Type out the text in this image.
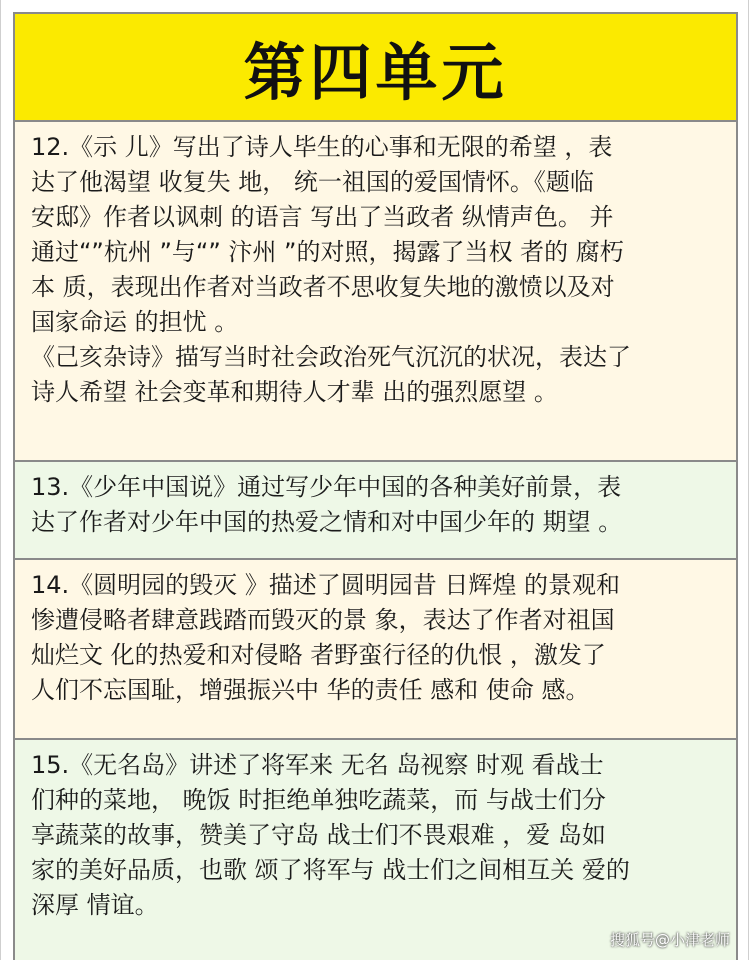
第四单元
12.《示 儿》写出了诗人毕生的心事和无限的希望 ，表
达了他渴望 收复失 地， 统一祖国的爱国情怀。《题临
安邸》作者以讽刺 的语言 写出了当政者 纵情声色。 并
通过“”杭州 ”与“” 汴州 ”的对照，揭露了当权 者的 腐朽
本 质，表现出作者对当政者不思收复失地的激愤以及对
国家命运 的担忧 。
《己亥杂诗》描写当时社会政治死气沉沉的状况，表达了
诗人希望 社会变革和期待人才辈 出的强烈愿望 。
13.《少年中国说》通过写少年中国的各种美好前景，表
达了作者对少年中国的热爱之情和对中国少年的 期望 。
14.《圆明园的毁灭 》描述了圆明园昔 日辉煌 的景观和
惨遭侵略者肆意践踏而毁灭的景 象，表达了作者对祖国
灿烂文 化的热爱和对侵略 者野蛮行径的仇恨 ，激发了
人们不忘国耻，增强振兴中 华的责任 感和 使命 感。
15.《无名岛》讲述了将军来 无名 岛视察 时观 看战士
们种的菜地， 晚饭 时拒绝单独吃蔬菜，而 与战士们分
享蔬菜的故事，赞美了守岛 战士们不畏艰难 ，爱 岛如
家的美好品质，也歌 颂了将军与 战士们之间相互关 爱的
深厚 情谊。
搜狐号@小津老师
